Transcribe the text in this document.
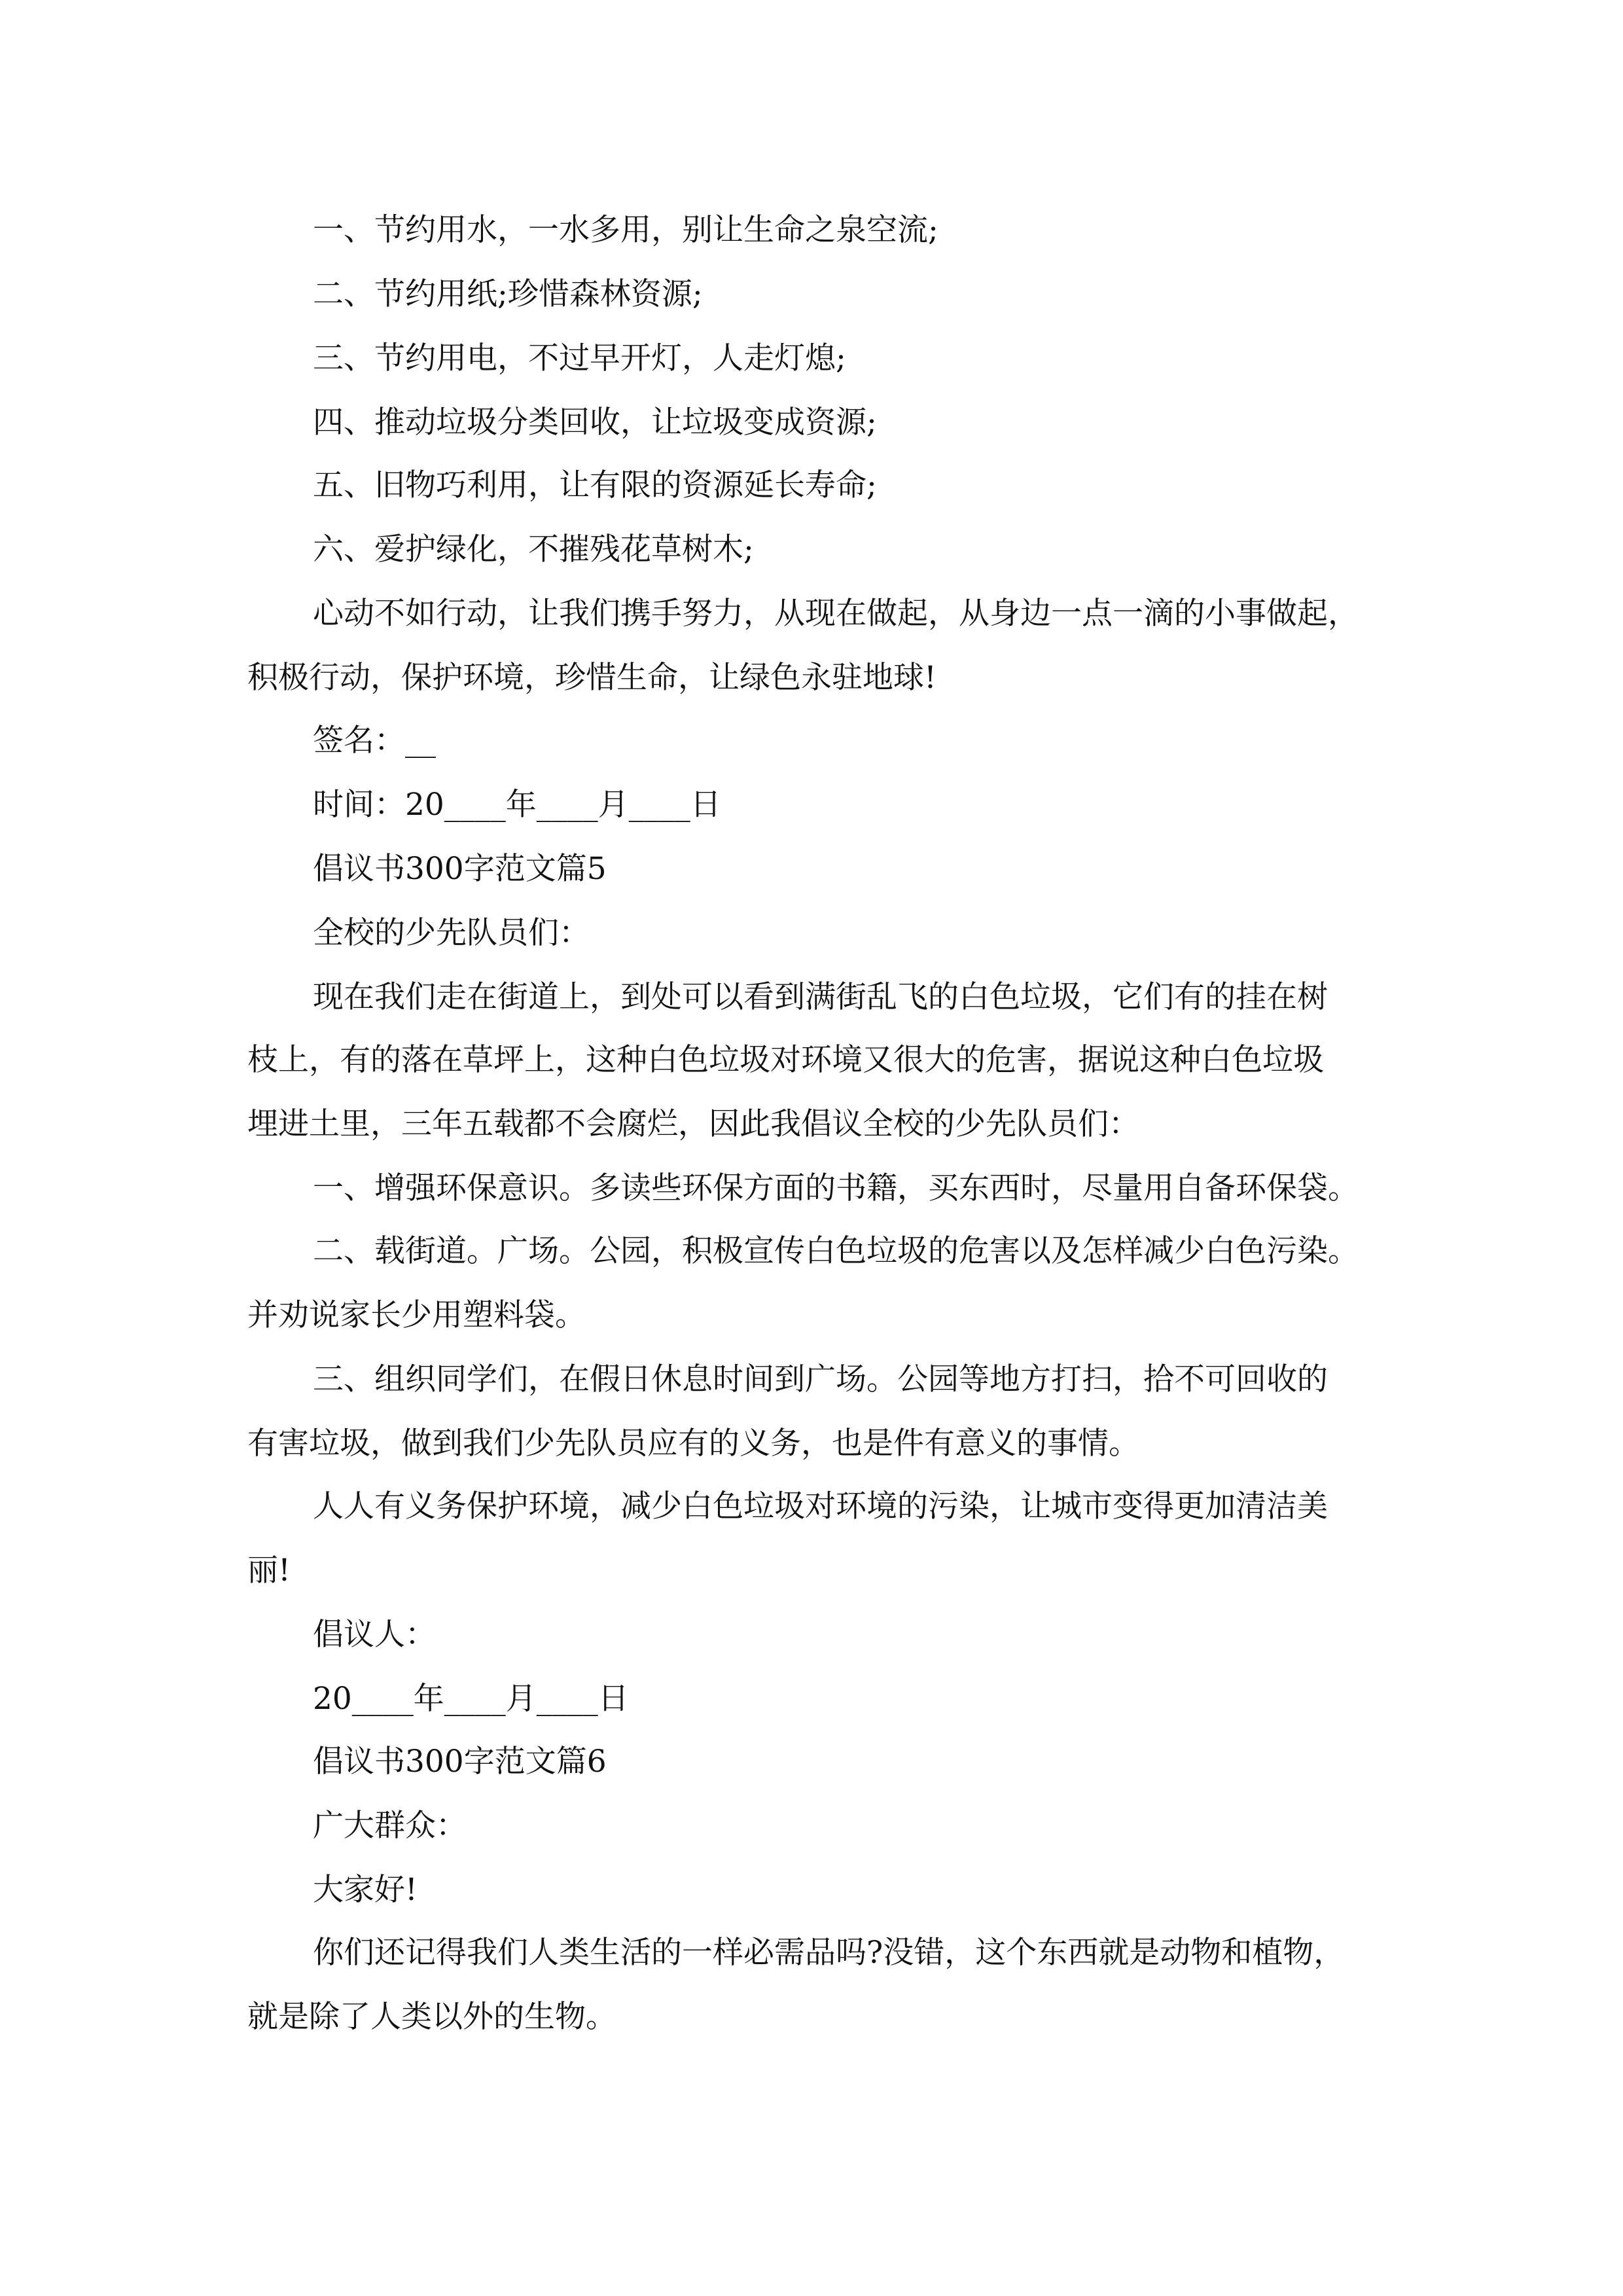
一、节约用水，一水多用，别让生命之泉空流;
二、节约用纸;珍惜森林资源;
三、节约用电，不过早开灯，人走灯熄;
四、推动垃圾分类回收，让垃圾变成资源;
五、旧物巧利用，让有限的资源延长寿命;
六、爱护绿化，不摧残花草树木;
心动不如行动，让我们携手努力，从现在做起，从身边一点一滴的小事做起，
积极行动，保护环境，珍惜生命，让绿色永驻地球!
签名：__
时间：20____年____月____日
倡议书300字范文篇5
全校的少先队员们：
现在我们走在街道上，到处可以看到满街乱飞的白色垃圾，它们有的挂在树
枝上，有的落在草坪上，这种白色垃圾对环境又很大的危害，据说这种白色垃圾
埋进土里，三年五载都不会腐烂，因此我倡议全校的少先队员们：
一、增强环保意识。多读些环保方面的书籍，买东西时，尽量用自备环保袋。
二、载街道。广场。公园，积极宣传白色垃圾的危害以及怎样减少白色污染。
并劝说家长少用塑料袋。
三、组织同学们，在假日休息时间到广场。公园等地方打扫，拾不可回收的
有害垃圾，做到我们少先队员应有的义务，也是件有意义的事情。
人人有义务保护环境，减少白色垃圾对环境的污染，让城市变得更加清洁美
丽!
倡议人：
20____年____月____日
倡议书300字范文篇6
广大群众：
大家好!
你们还记得我们人类生活的一样必需品吗?没错，这个东西就是动物和植物，
就是除了人类以外的生物。
